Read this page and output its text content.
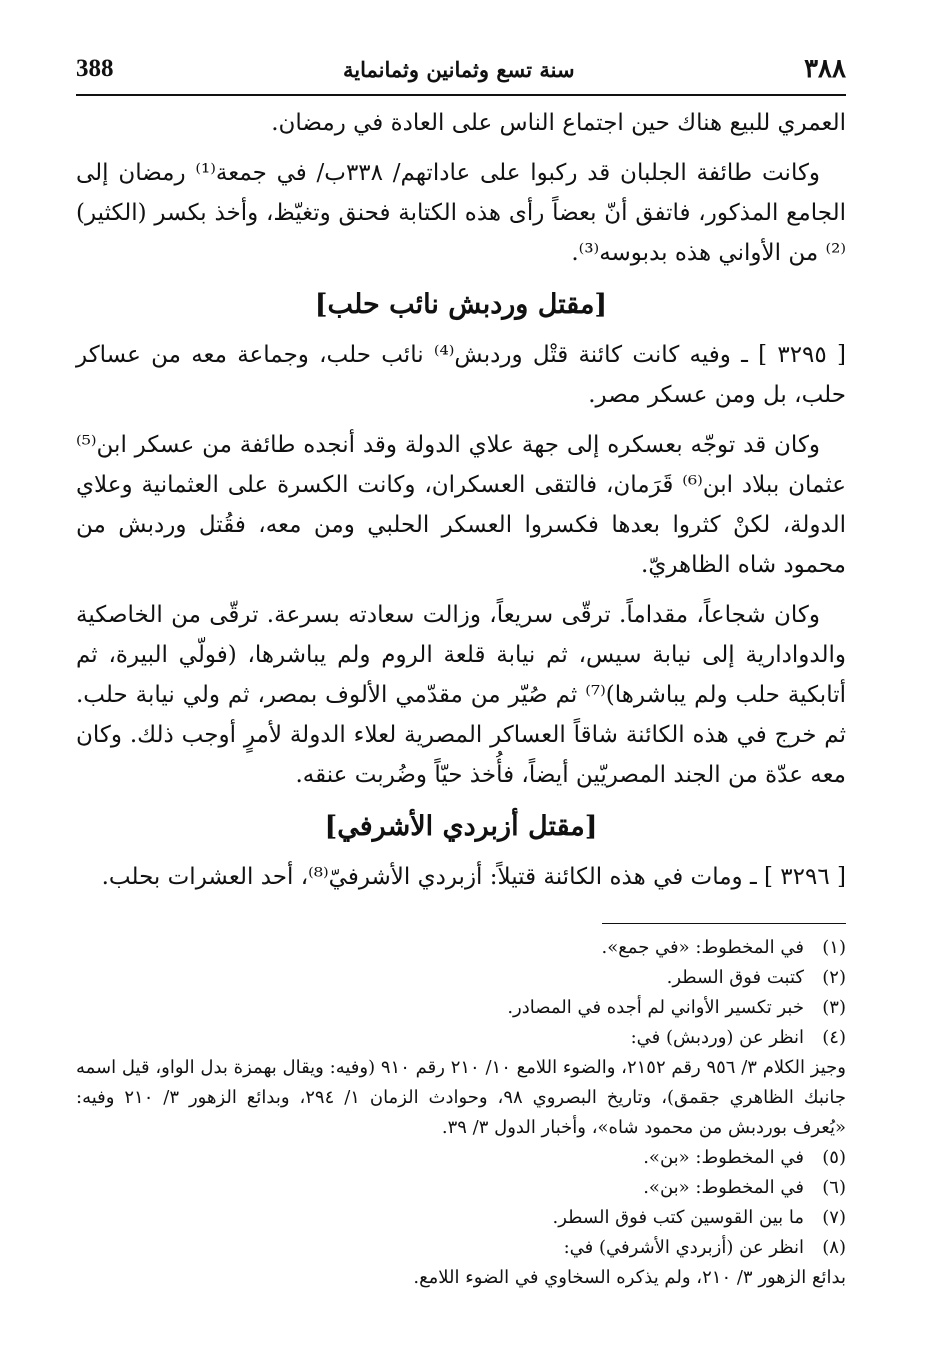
388	سنة تسع وثمانين وثمانماية	٣٨٨

العمري للبيع هناك حين اجتماع الناس على العادة في رمضان.

وكانت طائفة الجلبان قد ركبوا على عاداتهم/ ٣٣٨ب/ في جمعة⁽¹⁾ رمضان إلى الجامع المذكور، فاتفق أنّ بعضاً رأى هذه الكتابة فحنق وتغيّظ، وأخذ بكسر (الكثير)⁽²⁾ من الأواني هذه بدبوسه⁽³⁾.

[مقتل وردبش نائب حلب]

[ ٣٢٩٥ ] ـ وفيه كانت كائنة قتْل وردبش⁽⁴⁾ نائب حلب، وجماعة معه من عساكر حلب، بل ومن عسكر مصر.

وكان قد توجّه بعسكره إلى جهة علاي الدولة وقد أنجده طائفة من عسكر ابن⁽⁵⁾ عثمان ببلاد ابن⁽⁶⁾ قَرَمان، فالتقى العسكران، وكانت الكسرة على العثمانية وعلاي الدولة، لكنْ كثروا بعدها فكسروا العسكر الحلبي ومن معه، فقُتل وردبش من محمود شاه الظاهريّ.

وكان شجاعاً، مقداماً. ترقّى سريعاً، وزالت سعادته بسرعة. ترقّى من الخاصكية والدوادارية إلى نيابة سيس، ثم نيابة قلعة الروم ولم يباشرها، (فولّي البيرة، ثم أتابكية حلب ولم يباشرها)⁽⁷⁾ ثم صُيّر من مقدّمي الألوف بمصر، ثم ولي نيابة حلب. ثم خرج في هذه الكائنة شاقاً العساكر المصرية لعلاء الدولة لأمرٍ أوجب ذلك. وكان معه عدّة من الجند المصريّين أيضاً، فأُخذ حيّاً وضُربت عنقه.

[مقتل أزبردي الأشرفي]

[ ٣٢٩٦ ] ـ ومات في هذه الكائنة قتيلاً: أزبردي الأشرفيّ⁽⁸⁾، أحد العشرات بحلب.

(١)
في المخطوط: «في جمع».
(٢)
كتبت فوق السطر.
(٣)
خبر تكسير الأواني لم أجده في المصادر.
(٤)
انظر عن (وردبش) في:
وجيز الكلام ٣/ ٩٥٦ رقم ٢١٥٢، والضوء اللامع ١٠/ ٢١٠ رقم ٩١٠ (وفيه: ويقال بهمزة بدل الواو، قيل اسمه جانبك الظاهري جقمق)، وتاريخ البصروي ٩٨، وحوادث الزمان ١/ ٢٩٤، وبدائع الزهور ٣/ ٢١٠ وفيه: «يُعرف بوردبش من محمود شاه»، وأخبار الدول ٣/ ٣٩.
(٥)
في المخطوط: «بن».
(٦)
في المخطوط: «بن».
(٧)
ما بين القوسين كتب فوق السطر.
(٨)
انظر عن (أزبردي الأشرفي) في:
بدائع الزهور ٣/ ٢١٠، ولم يذكره السخاوي في الضوء اللامع.
